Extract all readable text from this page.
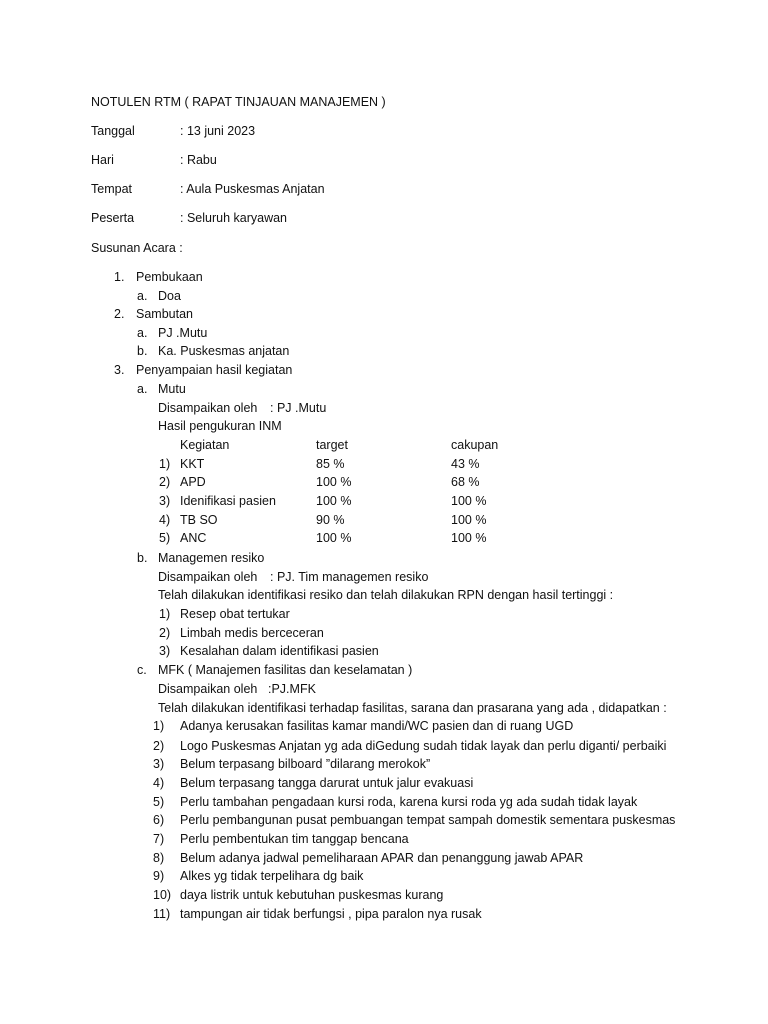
NOTULEN RTM ( RAPAT TINJAUAN MANAJEMEN )
Tanggal	: 13 juni 2023
Hari	: Rabu
Tempat	: Aula Puskesmas Anjatan
Peserta	: Seluruh karyawan
Susunan Acara :
1. Pembukaan
a. Doa
2. Sambutan
a. PJ .Mutu
b. Ka. Puskesmas anjatan
3. Penyampaian hasil kegiatan
a. Mutu
Disampaikan oleh : PJ .Mutu
Hasil pengukuran INM
Kegiatan	target	cakupan
1) KKT	85 %	43 %
2) APD	100 %	68 %
3) Idenifikasi pasien	100 %	100 %
4) TB SO	90 %	100 %
5) ANC	100 %	100 %
b. Managemen resiko
Disampaikan oleh : PJ. Tim managemen resiko
Telah dilakukan identifikasi resiko dan telah dilakukan RPN dengan hasil tertinggi :
1) Resep obat tertukar
2) Limbah medis berceceran
3) Kesalahan dalam identifikasi pasien
c. MFK ( Manajemen fasilitas dan keselamatan )
Disampaikan oleh :PJ.MFK
Telah dilakukan identifikasi terhadap fasilitas, sarana dan prasarana yang ada , didapatkan :
1) Adanya kerusakan fasilitas kamar mandi/WC pasien dan di ruang UGD
2) Logo Puskesmas Anjatan yg ada diGedung sudah tidak layak dan perlu diganti/ perbaiki
3) Belum terpasang bilboard ”dilarang merokok”
4) Belum terpasang tangga darurat untuk jalur evakuasi
5) Perlu tambahan pengadaan kursi roda, karena kursi roda yg ada sudah tidak layak
6) Perlu pembangunan pusat pembuangan tempat sampah domestik sementara puskesmas
7) Perlu pembentukan tim tanggap bencana
8) Belum adanya jadwal pemeliharaan APAR dan penanggung jawab APAR
9) Alkes yg tidak terpelihara dg baik
10) daya listrik untuk kebutuhan puskesmas kurang
11) tampungan air tidak berfungsi , pipa paralon nya rusak
